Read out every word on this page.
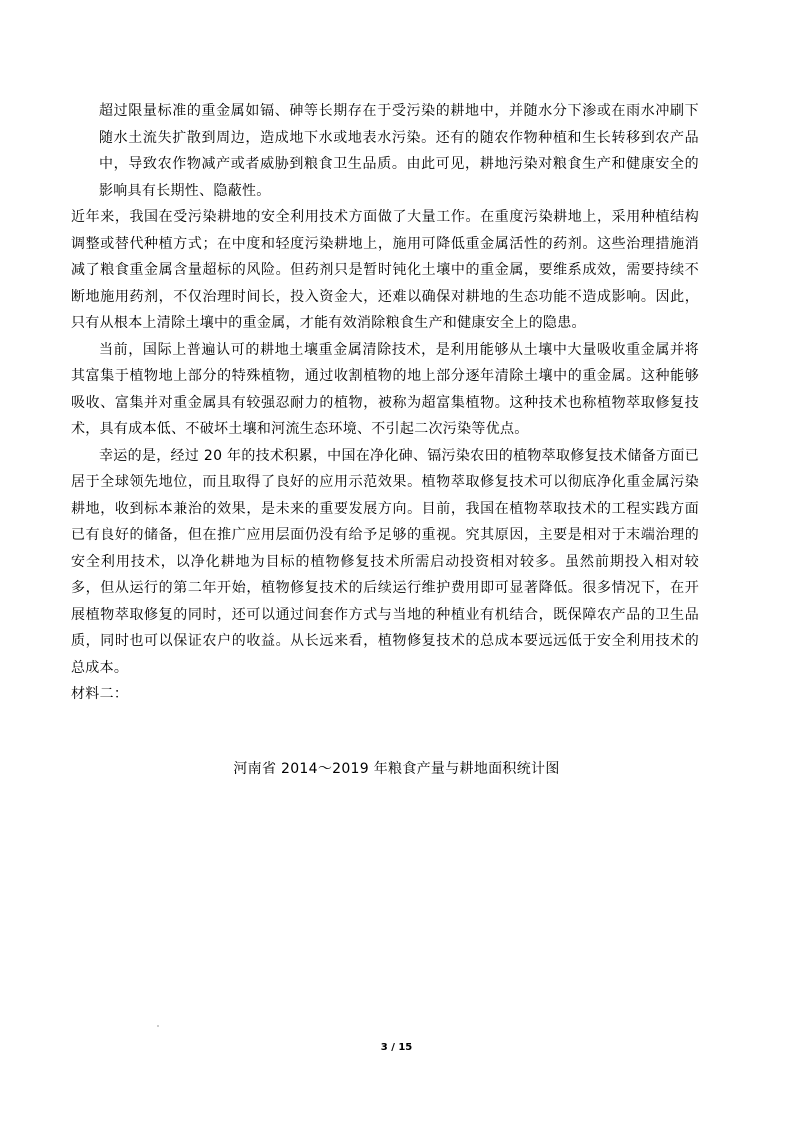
超过限量标准的重金属如镉、砷等长期存在于受污染的耕地中，并随水分下渗或在雨水冲刷下随水土流失扩散到周边，造成地下水或地表水污染。还有的随农作物种植和生长转移到农产品中，导致农作物减产或者威胁到粮食卫生品质。由此可见，耕地污染对粮食生产和健康安全的影响具有长期性、隐蔽性。

近年来，我国在受污染耕地的安全利用技术方面做了大量工作。在重度污染耕地上，采用种植结构调整或替代种植方式；在中度和轻度污染耕地上，施用可降低重金属活性的药剂。这些治理措施消减了粮食重金属含量超标的风险。但药剂只是暂时钝化土壤中的重金属，要维系成效，需要持续不断地施用药剂，不仅治理时间长，投入资金大，还难以确保对耕地的生态功能不造成影响。因此，只有从根本上清除土壤中的重金属，才能有效消除粮食生产和健康安全上的隐患。

当前，国际上普遍认可的耕地土壤重金属清除技术，是利用能够从土壤中大量吸收重金属并将其富集于植物地上部分的特殊植物，通过收割植物的地上部分逐年清除土壤中的重金属。这种能够吸收、富集并对重金属具有较强忍耐力的植物，被称为超富集植物。这种技术也称植物萃取修复技术，具有成本低、不破坏土壤和河流生态环境、不引起二次污染等优点。

幸运的是，经过 20 年的技术积累，中国在净化砷、镉污染农田的植物萃取修复技术储备方面已居于全球领先地位，而且取得了良好的应用示范效果。植物萃取修复技术可以彻底净化重金属污染耕地，收到标本兼治的效果，是未来的重要发展方向。目前，我国在植物萃取技术的工程实践方面已有良好的储备，但在推广应用层面仍没有给予足够的重视。究其原因，主要是相对于末端治理的安全利用技术，以净化耕地为目标的植物修复技术所需启动投资相对较多。虽然前期投入相对较多，但从运行的第二年开始，植物修复技术的后续运行维护费用即可显著降低。很多情况下，在开展植物萃取修复的同时，还可以通过间套作方式与当地的种植业有机结合，既保障农产品的卫生品质，同时也可以保证农户的收益。从长远来看，植物修复技术的总成本要远远低于安全利用技术的总成本。

材料二：

河南省 2014～2019 年粮食产量与耕地面积统计图
3 / 15
